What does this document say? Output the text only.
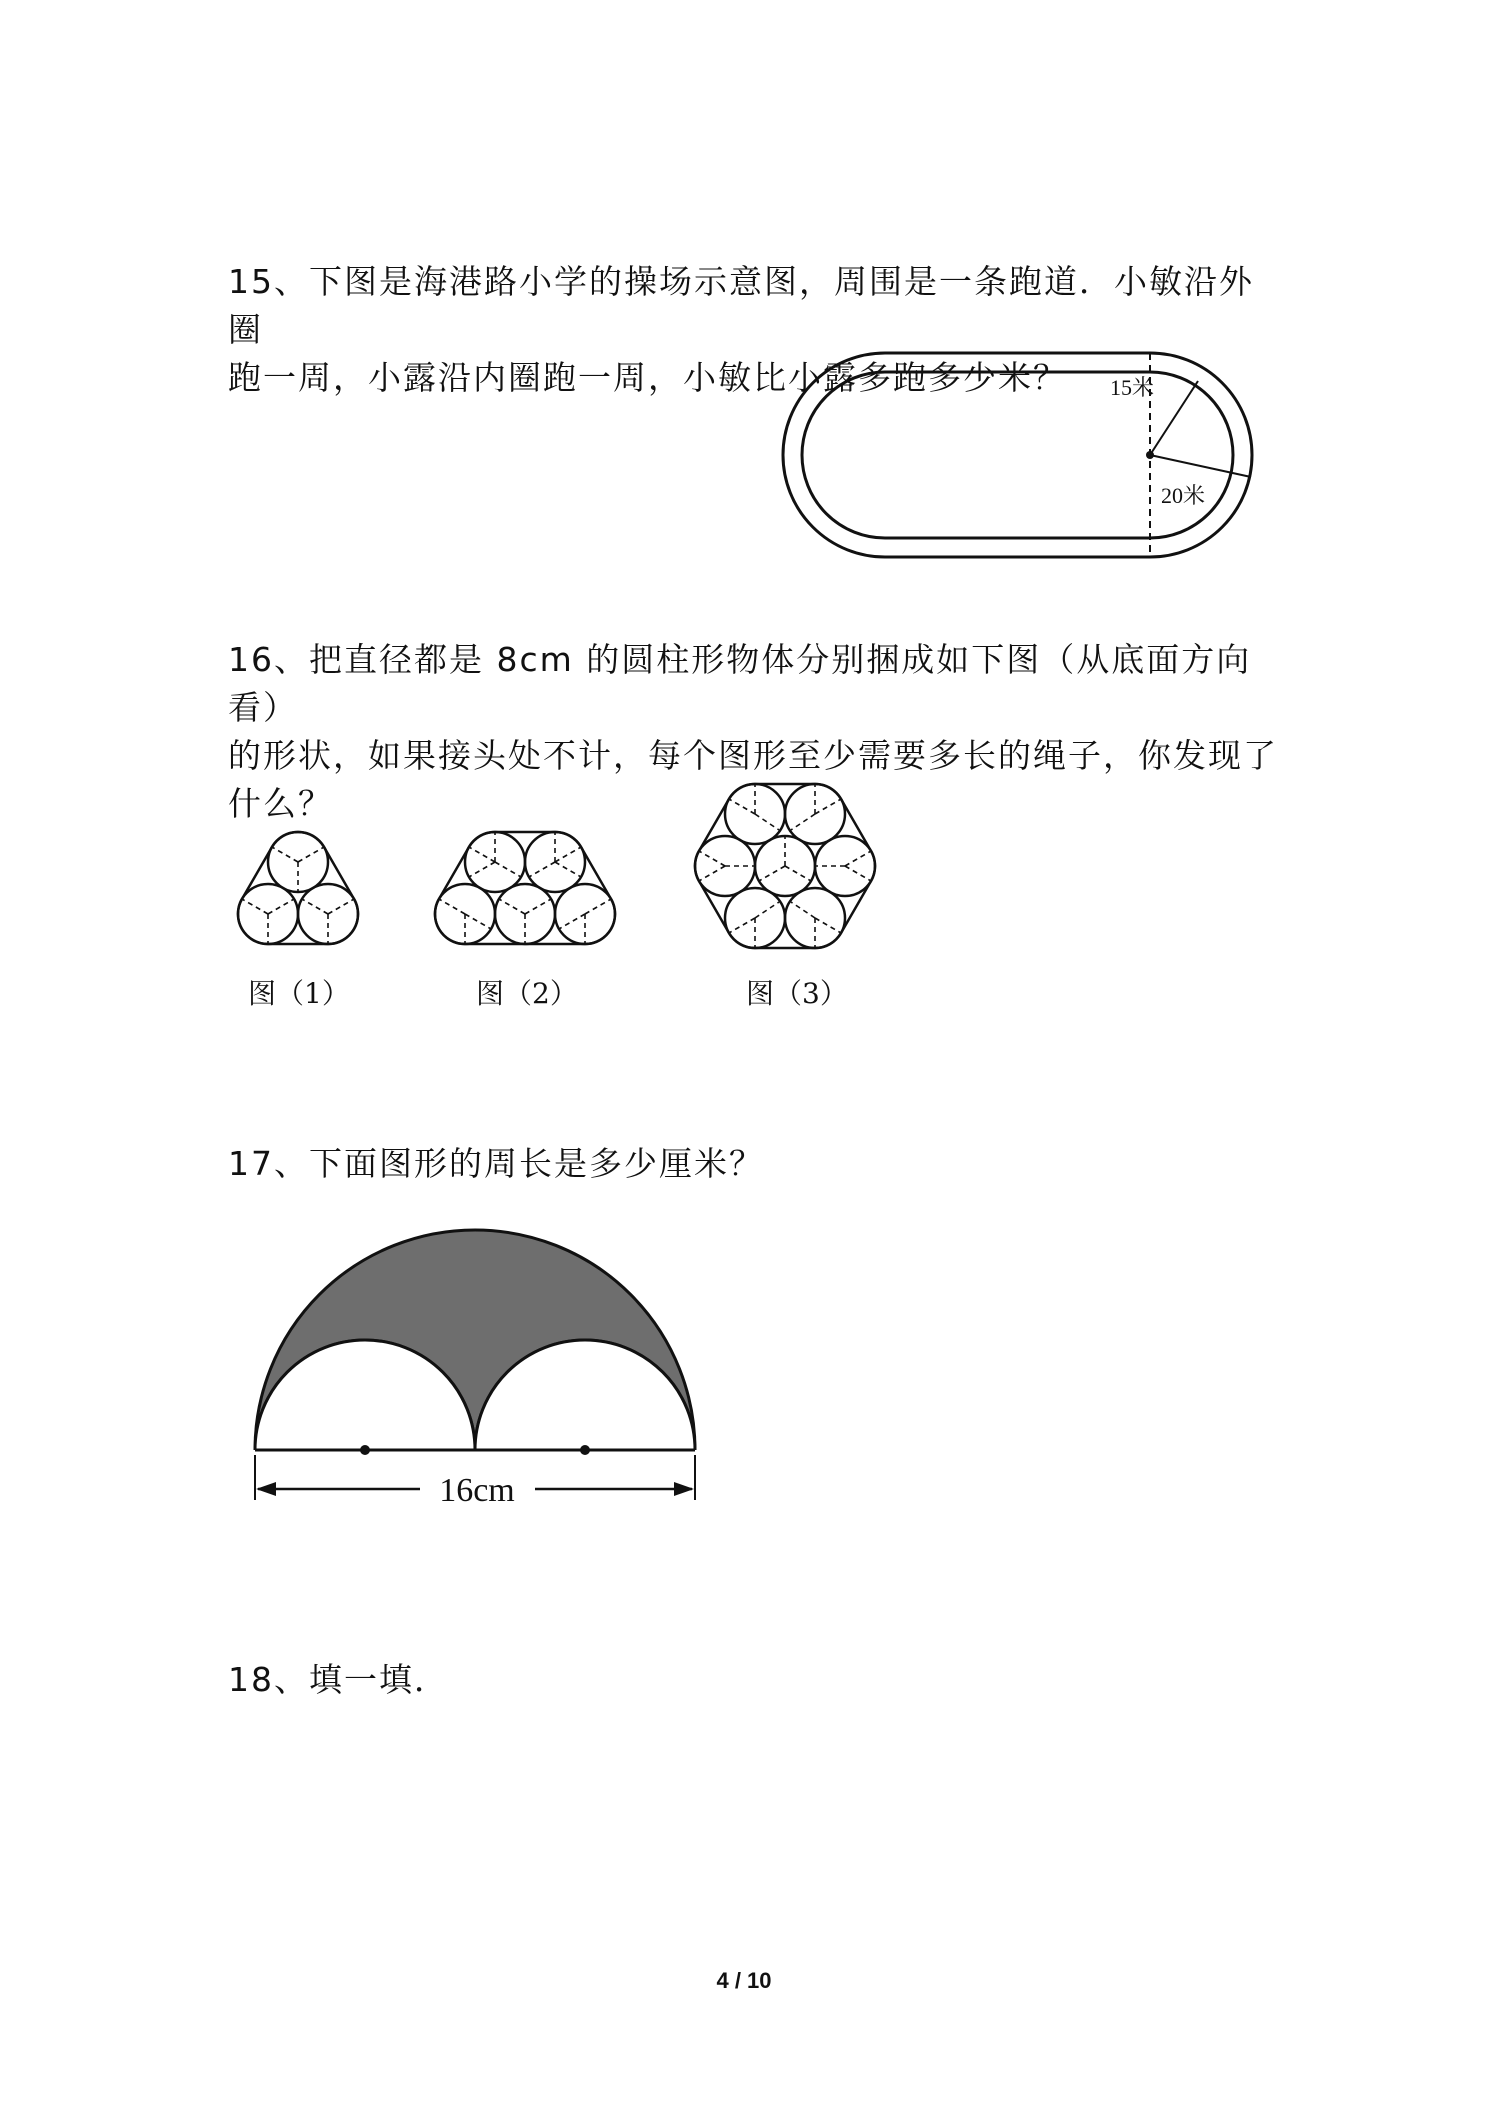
15、下图是海港路小学的操场示意图，周围是一条跑道．小敏沿外圈
跑一周，小露沿内圈跑一周，小敏比小露多跑多少米？	15米
20米
16、把直径都是 8cm 的圆柱形物体分别捆成如下图（从底面方向看）
的形状，如果接头处不计，每个图形至少需要多长的绳子，你发现了
什么？
图（1）	图（2）	图（3）
17、下面图形的周长是多少厘米？
16cm
18、填一填．
4 / 10
